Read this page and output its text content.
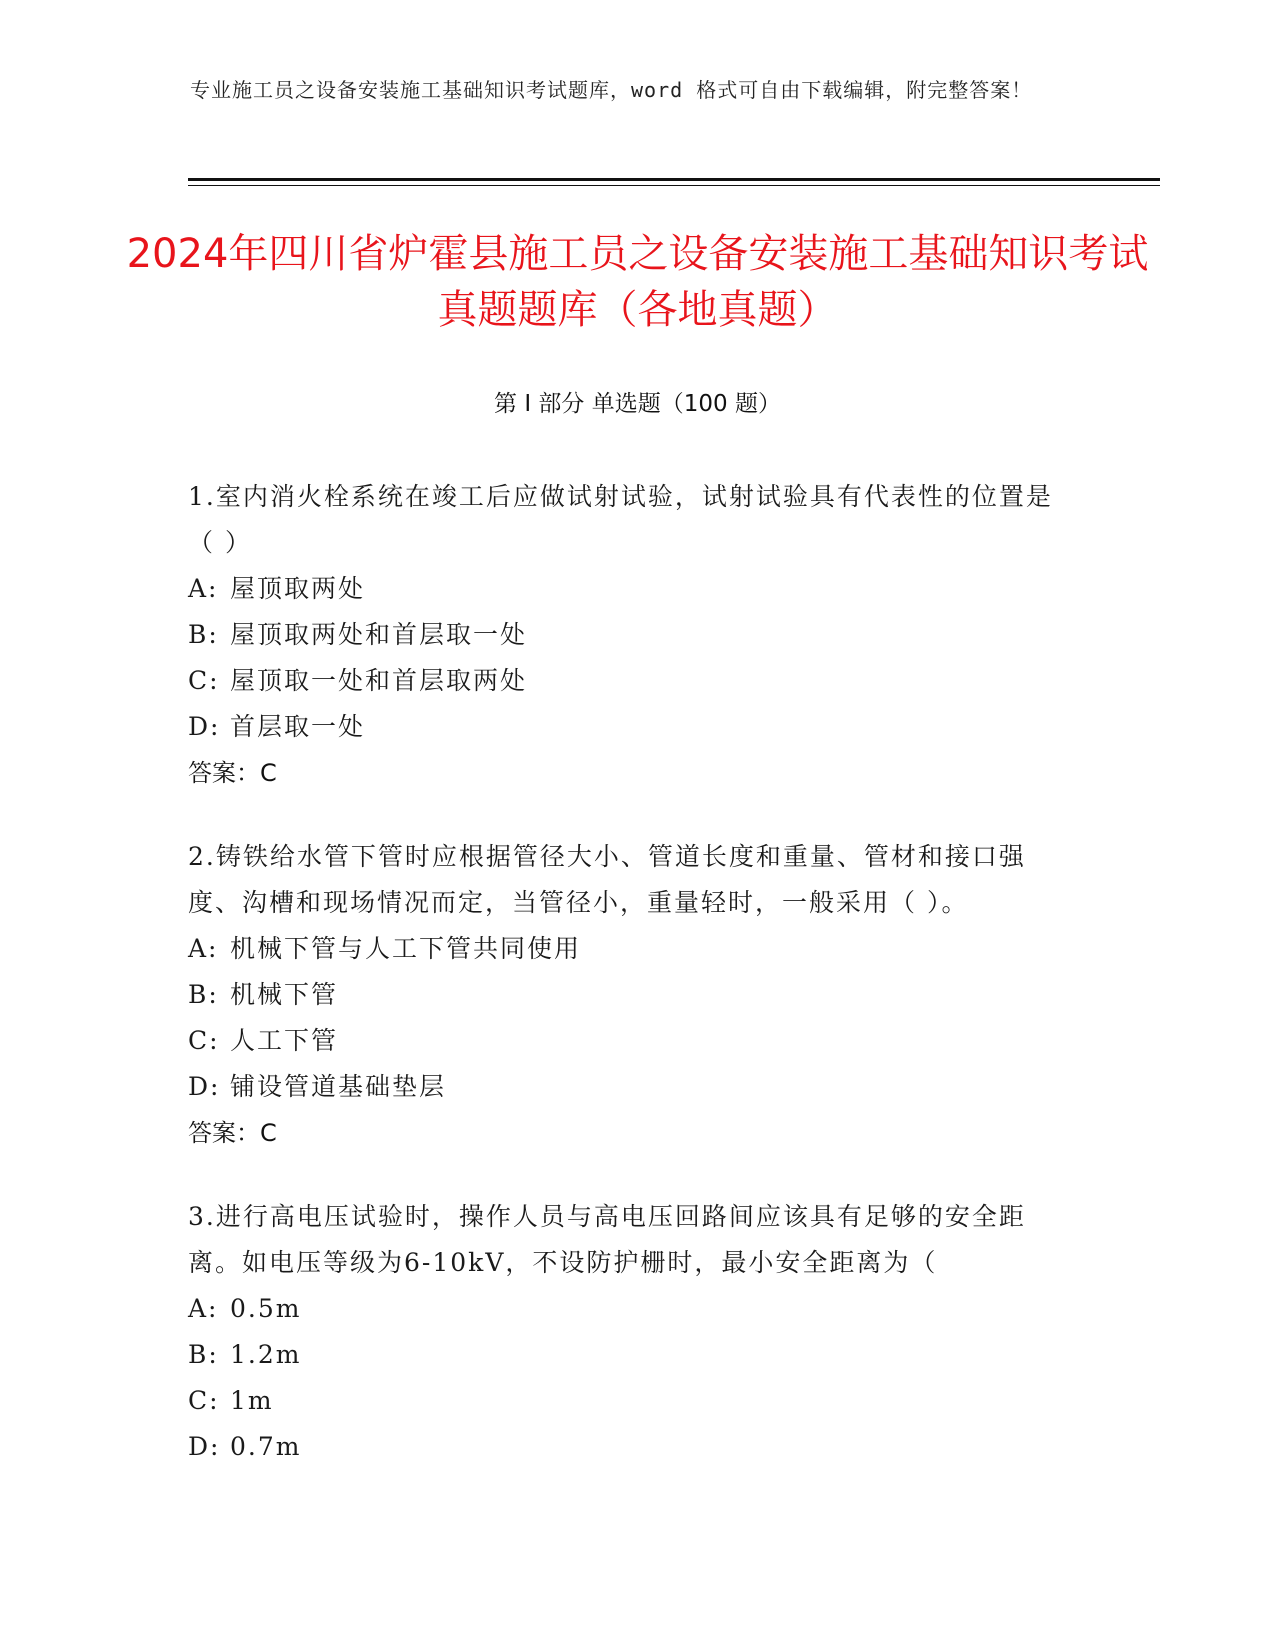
专业施工员之设备安装施工基础知识考试题库，word 格式可自由下载编辑，附完整答案！
2024年四川省炉霍县施工员之设备安装施工基础知识考试真题题库（各地真题）
第 I 部分 单选题（100 题）
1.室内消火栓系统在竣工后应做试射试验，试射试验具有代表性的位置是（ ）
A: 屋顶取两处
B: 屋顶取两处和首层取一处
C: 屋顶取一处和首层取两处
D: 首层取一处
答案：C
2.铸铁给水管下管时应根据管径大小、管道长度和重量、管材和接口强度、沟槽和现场情况而定，当管径小，重量轻时，一般采用（ ）。
A: 机械下管与人工下管共同使用
B: 机械下管
C: 人工下管
D: 铺设管道基础垫层
答案：C
3.进行高电压试验时，操作人员与高电压回路间应该具有足够的安全距离。如电压等级为6-10kV，不设防护栅时，最小安全距离为（
A: 0.5m
B: 1.2m
C: 1m
D: 0.7m
